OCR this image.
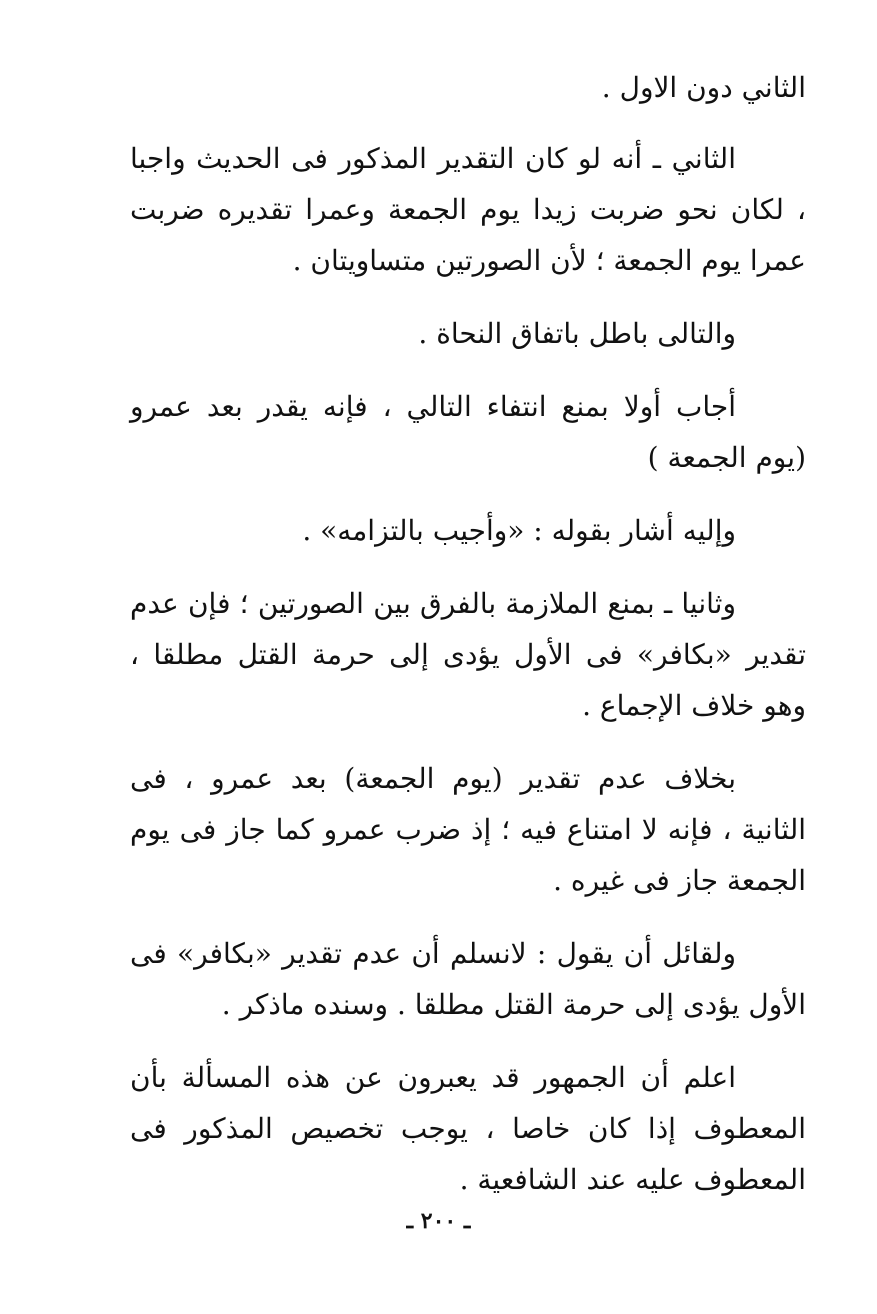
الثاني دون الاول .

الثاني ـ أنه لو كان التقدير المذكور فى الحديث واجبا ، لكان نحو ضربت زيدا يوم الجمعة وعمرا تقديره ضربت عمرا يوم الجمعة ؛ لأن الصورتين متساويتان .

والتالى باطل باتفاق النحاة .

أجاب أولا بمنع انتفاء التالي ، فإنه يقدر بعد عمرو (يوم الجمعة )

وإليه أشار بقوله : «وأجيب بالتزامه» .

وثانيا ـ بمنع الملازمة بالفرق بين الصورتين ؛ فإن عدم تقدير «بكافر» فى الأول يؤدى إلى حرمة القتل مطلقا ، وهو خلاف الإجماع .

بخلاف عدم تقدير (يوم الجمعة) بعد عمرو ، فى الثانية ، فإنه لا امتناع فيه ؛ إذ ضرب عمرو كما جاز فى يوم الجمعة جاز فى غيره .

ولقائل أن يقول : لانسلم أن عدم تقدير «بكافر» فى الأول يؤدى إلى حرمة القتل مطلقا . وسنده ماذكر .

اعلم أن الجمهور قد يعبرون عن هذه المسألة بأن المعطوف إذا كان خاصا ، يوجب تخصيص المذكور فى المعطوف عليه عند الشافعية .

ـ ٢٠٠ ـ
